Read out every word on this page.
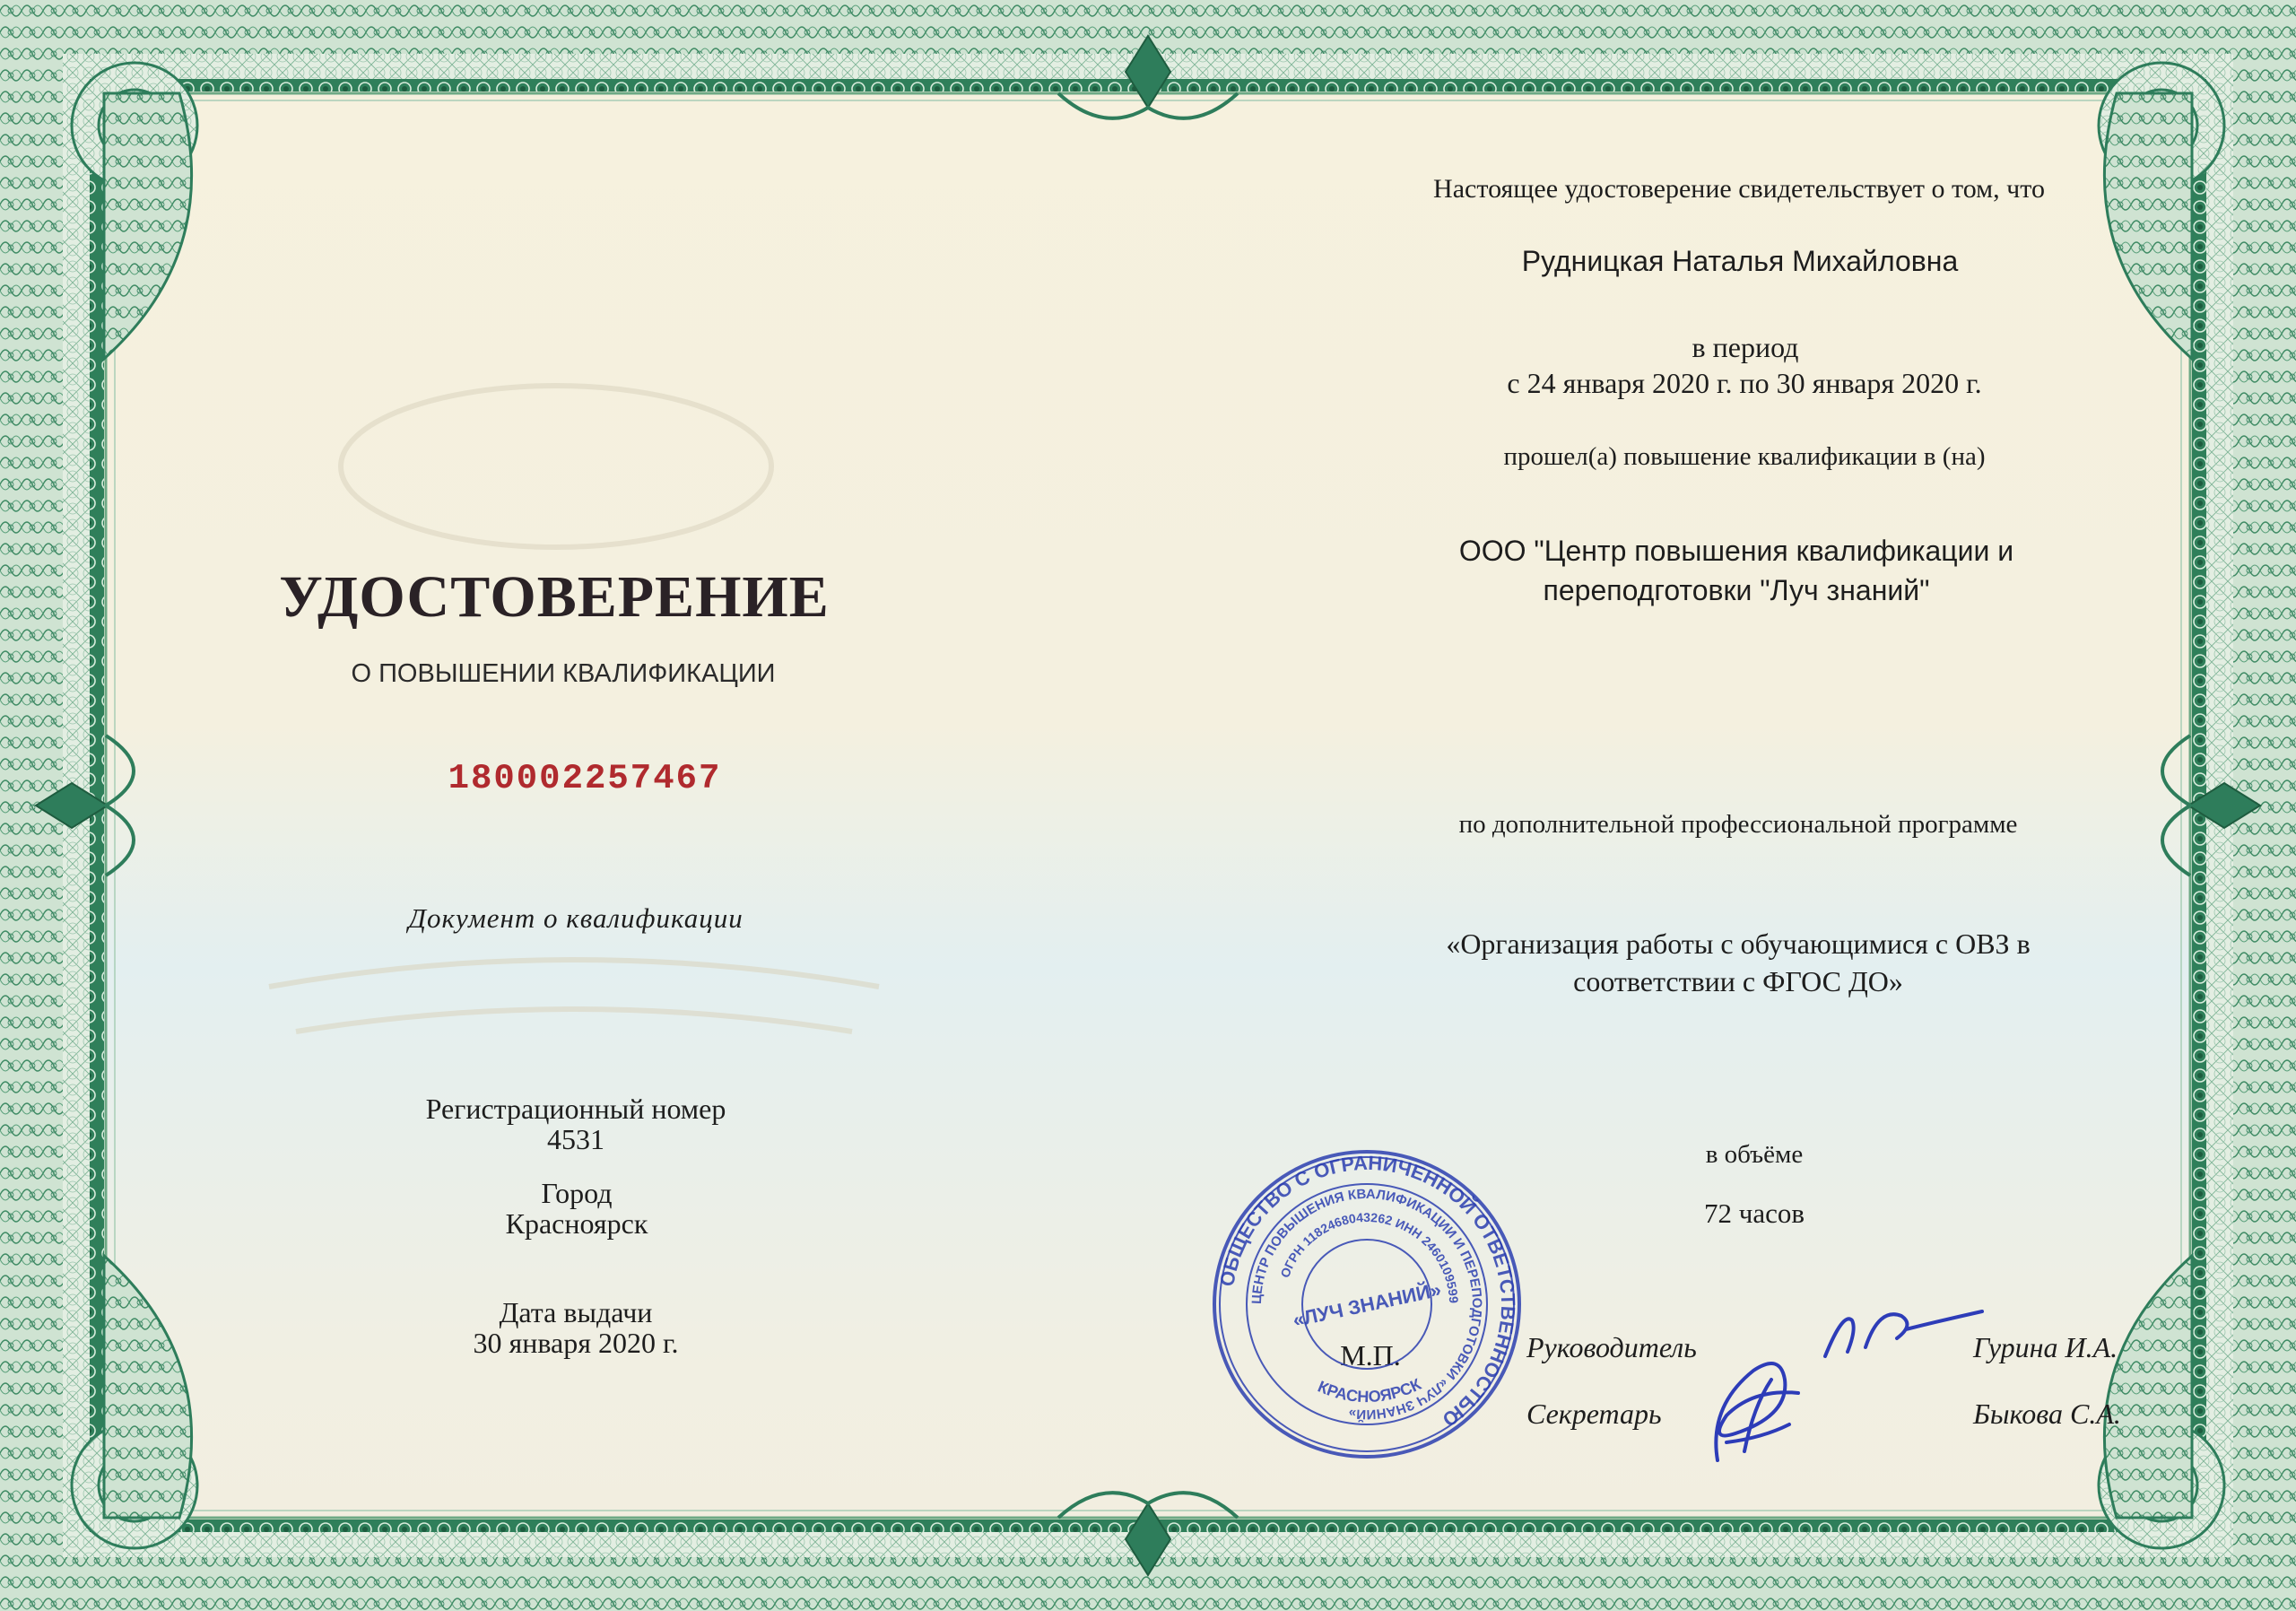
УДОСТОВЕРЕНИЕ
О ПОВЫШЕНИИ КВАЛИФИКАЦИИ
180002257467
Документ о квалификации
Регистрационный номер
4531
Город
Красноярск
Дата выдачи
30 января 2020 г.
Настоящее удостоверение свидетельствует о том, что
Рудницкая Наталья Михайловна
в период
с 24 января 2020 г. по 30 января 2020 г.
прошел(а) повышение квалификации в (на)
ООО "Центр повышения квалификации и
переподготовки "Луч знаний"
по дополнительной профессиональной программе
«Организация работы с обучающимися с ОВЗ в
соответствии с ФГОС ДО»
в объёме
72 часов
М.П.	Руководитель	Гурина И.А.
Секретарь	Быкова С.А.
ОБЩЕСТВО С ОГРАНИЧЕННОЙ ОТВЕТСТВЕННОСТЬЮ
ЦЕНТР ПОВЫШЕНИЯ КВАЛИФИКАЦИИ И ПЕРЕПОДГОТОВКИ «ЛУЧ ЗНАНИЙ»
ОГРН 1182468043262 ИНН 2460109599
«ЛУЧ ЗНАНИЙ»
КРАСНОЯРСК
